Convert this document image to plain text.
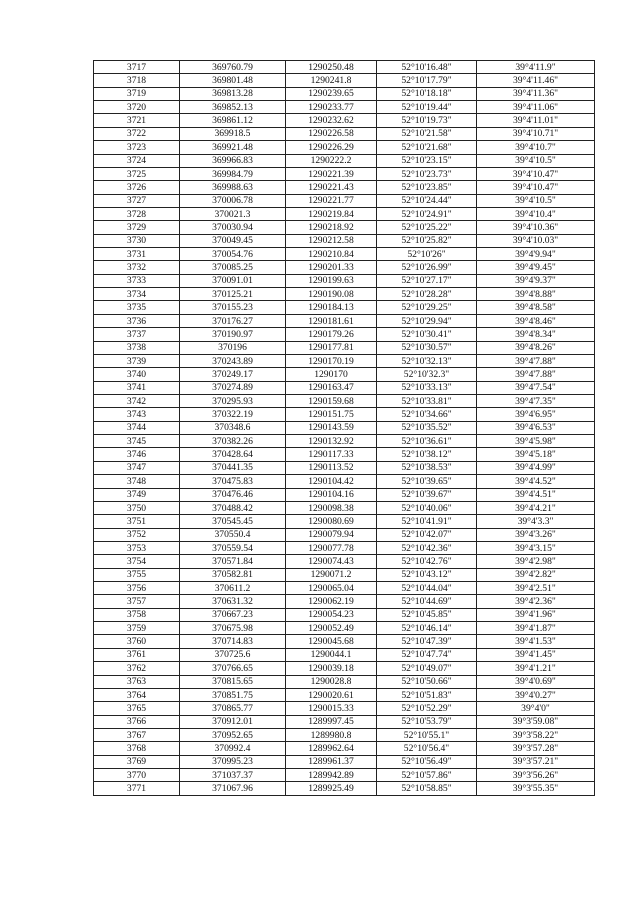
3717	369760.79	1290250.48	52°10'16.48"	39°4'11.9"
3718	369801.48	1290241.8	52°10'17.79"	39°4'11.46"
3719	369813.28	1290239.65	52°10'18.18"	39°4'11.36"
3720	369852.13	1290233.77	52°10'19.44"	39°4'11.06"
3721	369861.12	1290232.62	52°10'19.73"	39°4'11.01"
3722	369918.5	1290226.58	52°10'21.58"	39°4'10.71"
3723	369921.48	1290226.29	52°10'21.68"	39°4'10.7"
3724	369966.83	1290222.2	52°10'23.15"	39°4'10.5"
3725	369984.79	1290221.39	52°10'23.73"	39°4'10.47"
3726	369988.63	1290221.43	52°10'23.85"	39°4'10.47"
3727	370006.78	1290221.77	52°10'24.44"	39°4'10.5"
3728	370021.3	1290219.84	52°10'24.91"	39°4'10.4"
3729	370030.94	1290218.92	52°10'25.22"	39°4'10.36"
3730	370049.45	1290212.58	52°10'25.82"	39°4'10.03"
3731	370054.76	1290210.84	52°10'26"	39°4'9.94"
3732	370085.25	1290201.33	52°10'26.99"	39°4'9.45"
3733	370091.01	1290199.63	52°10'27.17"	39°4'9.37"
3734	370125.21	1290190.08	52°10'28.28"	39°4'8.88"
3735	370155.23	1290184.13	52°10'29.25"	39°4'8.58"
3736	370176.27	1290181.61	52°10'29.94"	39°4'8.46"
3737	370190.97	1290179.26	52°10'30.41"	39°4'8.34"
3738	370196	1290177.81	52°10'30.57"	39°4'8.26"
3739	370243.89	1290170.19	52°10'32.13"	39°4'7.88"
3740	370249.17	1290170	52°10'32.3"	39°4'7.88"
3741	370274.89	1290163.47	52°10'33.13"	39°4'7.54"
3742	370295.93	1290159.68	52°10'33.81"	39°4'7.35"
3743	370322.19	1290151.75	52°10'34.66"	39°4'6.95"
3744	370348.6	1290143.59	52°10'35.52"	39°4'6.53"
3745	370382.26	1290132.92	52°10'36.61"	39°4'5.98"
3746	370428.64	1290117.33	52°10'38.12"	39°4'5.18"
3747	370441.35	1290113.52	52°10'38.53"	39°4'4.99"
3748	370475.83	1290104.42	52°10'39.65"	39°4'4.52"
3749	370476.46	1290104.16	52°10'39.67"	39°4'4.51"
3750	370488.42	1290098.38	52°10'40.06"	39°4'4.21"
3751	370545.45	1290080.69	52°10'41.91"	39°4'3.3"
3752	370550.4	1290079.94	52°10'42.07"	39°4'3.26"
3753	370559.54	1290077.78	52°10'42.36"	39°4'3.15"
3754	370571.84	1290074.43	52°10'42.76"	39°4'2.98"
3755	370582.81	1290071.2	52°10'43.12"	39°4'2.82"
3756	370611.2	1290065.04	52°10'44.04"	39°4'2.51"
3757	370631.32	1290062.19	52°10'44.69"	39°4'2.36"
3758	370667.23	1290054.23	52°10'45.85"	39°4'1.96"
3759	370675.98	1290052.49	52°10'46.14"	39°4'1.87"
3760	370714.83	1290045.68	52°10'47.39"	39°4'1.53"
3761	370725.6	1290044.1	52°10'47.74"	39°4'1.45"
3762	370766.65	1290039.18	52°10'49.07"	39°4'1.21"
3763	370815.65	1290028.8	52°10'50.66"	39°4'0.69"
3764	370851.75	1290020.61	52°10'51.83"	39°4'0.27"
3765	370865.77	1290015.33	52°10'52.29"	39°4'0"
3766	370912.01	1289997.45	52°10'53.79"	39°3'59.08"
3767	370952.65	1289980.8	52°10'55.1"	39°3'58.22"
3768	370992.4	1289962.64	52°10'56.4"	39°3'57.28"
3769	370995.23	1289961.37	52°10'56.49"	39°3'57.21"
3770	371037.37	1289942.89	52°10'57.86"	39°3'56.26"
3771	371067.96	1289925.49	52°10'58.85"	39°3'55.35"
